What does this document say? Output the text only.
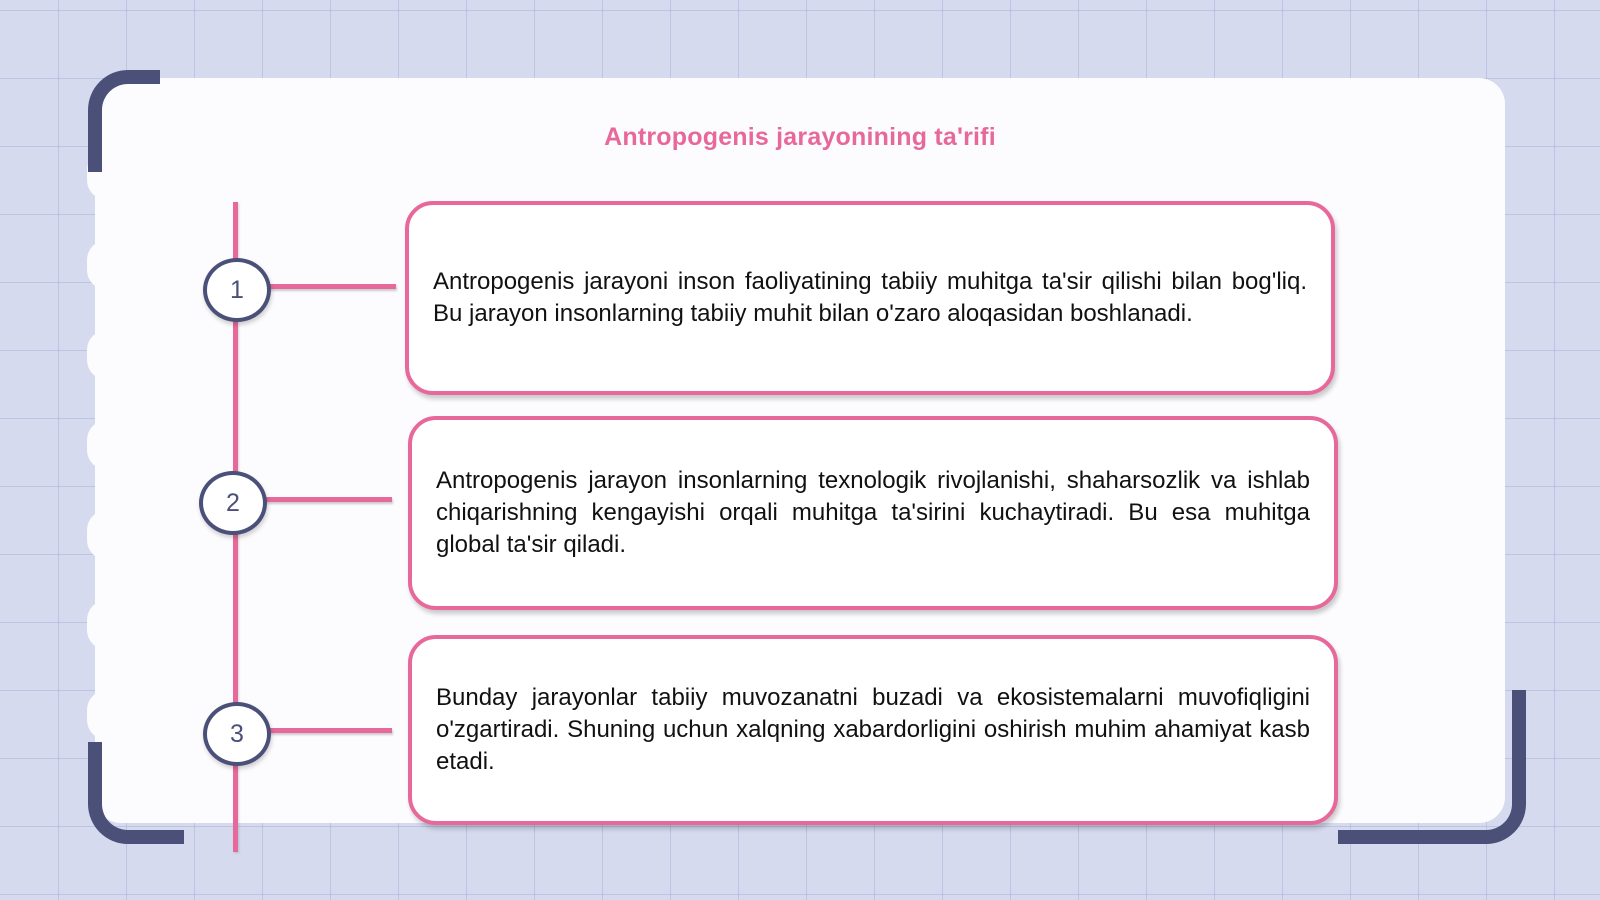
Antropogenis jarayonining ta'rifi
1	Antropogenis jarayoni inson faoliyatining tabiiy muhitga ta'sir qilishi bilan bog'liq. Bu jarayon insonlarning tabiiy muhit bilan o'zaro aloqasidan boshlanadi.

2

Antropogenis jarayon insonlarning texnologik rivojlanishi, shaharsozlik va ishlab chiqarishning kengayishi orqali muhitga ta'sirini kuchaytiradi. Bu esa muhitga global ta'sir qiladi.

3

Bunday jarayonlar tabiiy muvozanatni buzadi va ekosistemalarni muvofiqligini o'zgartiradi. Shuning uchun xalqning xabardorligini oshirish muhim ahamiyat kasb etadi.
